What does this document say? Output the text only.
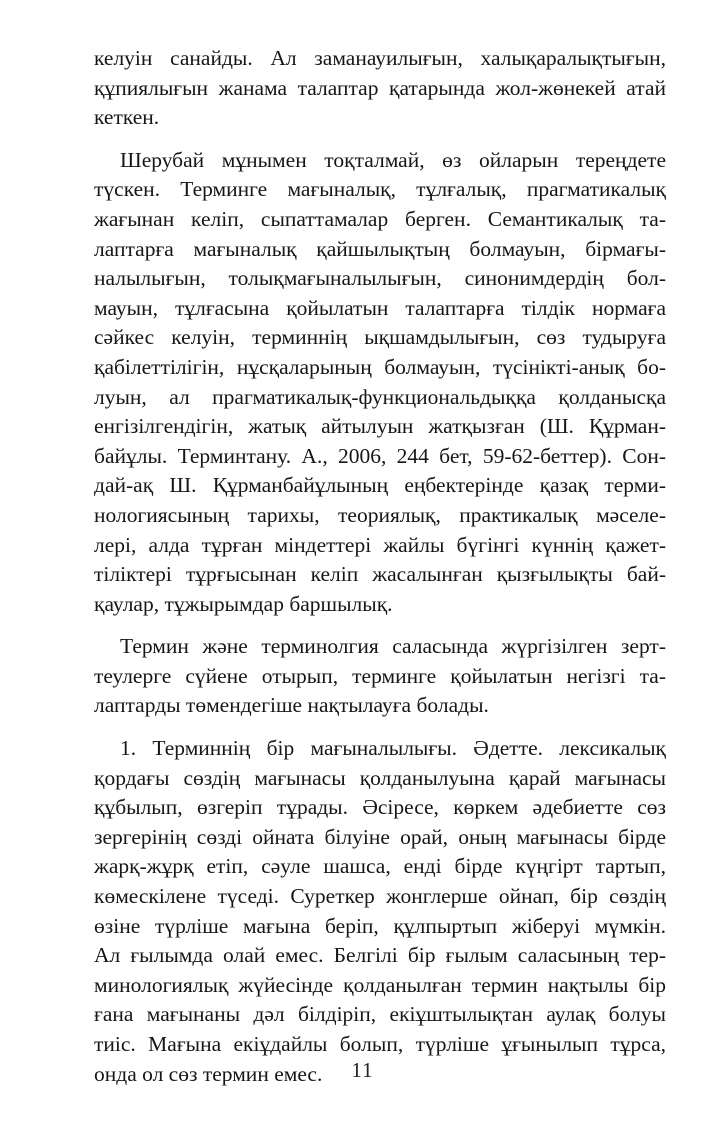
келуін санайды. Ал заманауилығын, халықаралықтығын,
құпиялығын жанама талаптар қатарында жол-жөнекей атай
кеткен.
Шерубай мұнымен тоқталмай, өз ойларын тереңдете
түскен. Терминге мағыналық, тұлғалық, прагматикалық
жағынан келіп, сыпаттамалар берген. Семантикалық та-
лаптарға мағыналық қайшылықтың болмауын, бірмағы-
налылығын, толықмағыналылығын, синонимдердің бол-
мауын, тұлғасына қойылатын талаптарға тілдік нормаға
сәйкес келуін, терминнің ықшамдылығын, сөз тудыруға
қабілеттілігін, нұсқаларының болмауын, түсінікті-анық бо-
луын, ал прагматикалық-функциональдыққа қолданысқа
енгізілгендігін, жатық айтылуын жатқызған (Ш. Құрман-
байұлы. Терминтану. А., 2006, 244 бет, 59-62-беттер). Сон-
дай-ақ Ш. Құрманбайұлының еңбектерінде қазақ терми-
нологиясының тарихы, теориялық, практикалық мәселе-
лері, алда тұрған міндеттері жайлы бүгінгі күннің қажет-
тіліктері тұрғысынан келіп жасалынған қызғылықты бай-
қаулар, тұжырымдар баршылық.
Термин және терминолгия саласында жүргізілген зерт-
теулерге сүйене отырып, терминге қойылатын негізгі та-
лаптарды төмендегіше нақтылауға болады.
1. Терминнің бір мағыналылығы. Әдетте. лексикалық
қордағы сөздің мағынасы қолданылуына қарай мағынасы
құбылып, өзгеріп тұрады. Әсіресе, көркем әдебиетте сөз
зергерінің сөзді ойната білуіне орай, оның мағынасы бірде
жарқ-жұрқ етіп, сәуле шашса, енді бірде күңгірт тартып,
көмескілене түседі. Суреткер жонглерше ойнап, бір сөздің
өзіне түрліше мағына беріп, құлпыртып жіберуі мүмкін.
Ал ғылымда олай емес. Белгілі бір ғылым саласының тер-
минологиялық жүйесінде қолданылған термин нақтылы бір
ғана мағынаны дәл білдіріп, екіұштылықтан аулақ болуы
тиіс. Мағына екіұдайлы болып, түрліше ұғынылып тұрса,
онда ол сөз термин емес.	11
